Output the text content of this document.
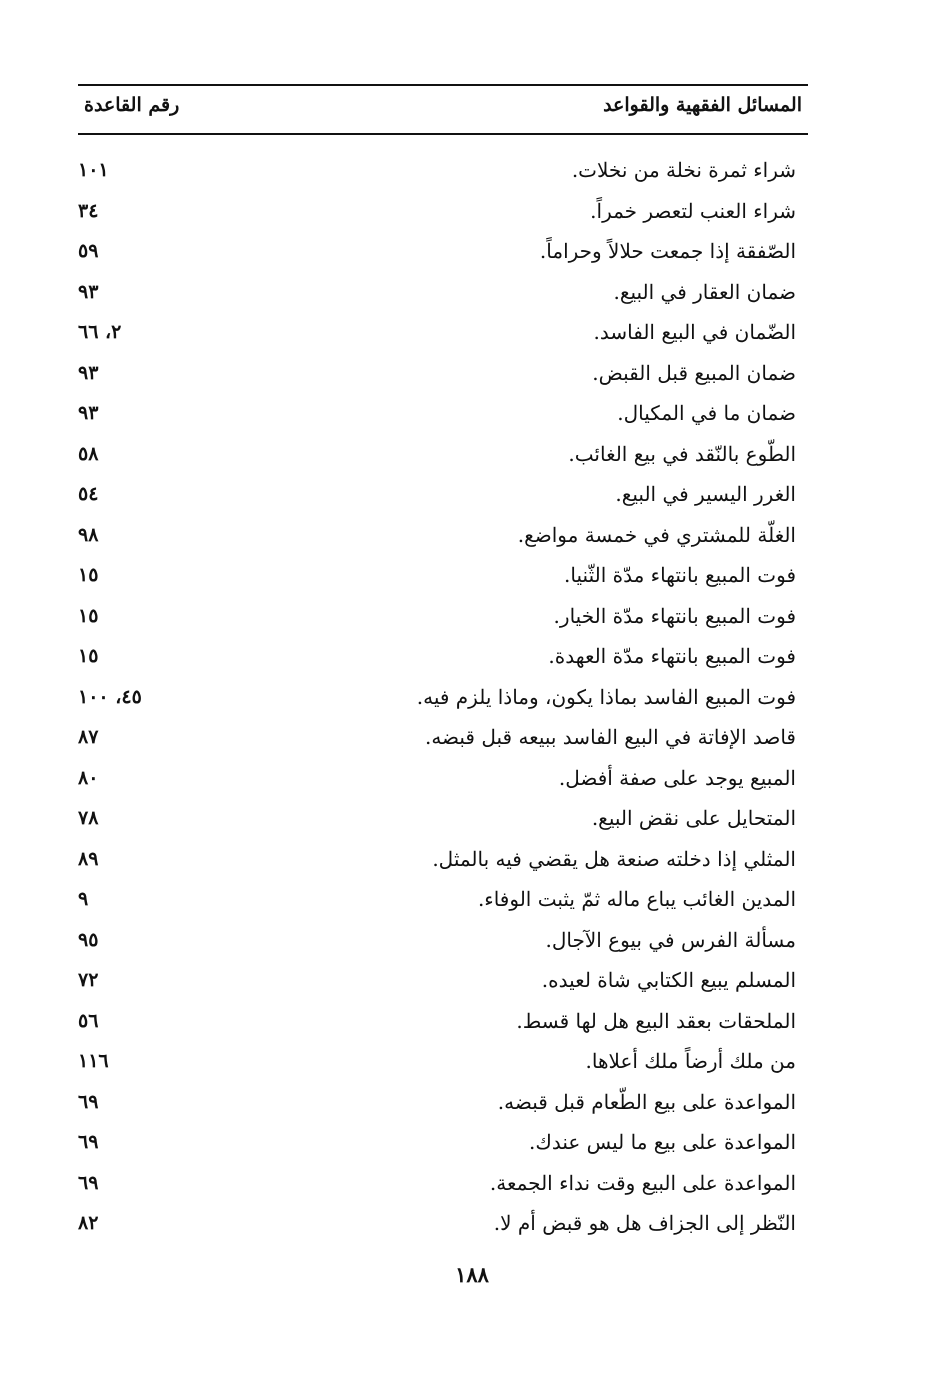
المسائل الفقهية والقواعد
رقم القاعدة
شراء ثمرة نخلة من نخلات.
١٠١
شراء العنب لتعصر خمراً.
٣٤
الصّفقة إذا جمعت حلالاً وحراماً.
٥٩
ضمان العقار في البيع.
٩٣
الضّمان في البيع الفاسد.
٢، ٦٦
ضمان المبيع قبل القبض.
٩٣
ضمان ما في المكيال.
٩٣
الطّوع بالنّقد في بيع الغائب.
٥٨
الغرر اليسير في البيع.
٥٤
الغلّة للمشتري في خمسة مواضع.
٩٨
فوت المبيع بانتهاء مدّة الثّنيا.
١٥
فوت المبيع بانتهاء مدّة الخيار.
١٥
فوت المبيع بانتهاء مدّة العهدة.
١٥
فوت المبيع الفاسد بماذا يكون، وماذا يلزم فيه.
٤٥، ١٠٠
قاصد الإفاتة في البيع الفاسد ببيعه قبل قبضه.
٨٧
المبيع يوجد على صفة أفضل.
٨٠
المتحايل على نقض البيع.
٧٨
المثلي إذا دخلته صنعة هل يقضي فيه بالمثل.
٨٩
المدين الغائب يباع ماله ثمّ يثبت الوفاء.
٩
مسألة الفرس في بيوع الآجال.
٩٥
المسلم يبيع الكتابي شاة لعيده.
٧٢
الملحقات بعقد البيع هل لها قسط.
٥٦
من ملك أرضاً ملك أعلاها.
١١٦
المواعدة على بيع الطّعام قبل قبضه.
٦٩
المواعدة على بيع ما ليس عندك.
٦٩
المواعدة على البيع وقت نداء الجمعة.
٦٩
النّظر إلى الجزاف هل هو قبض أم لا.
٨٢
١٨٨
